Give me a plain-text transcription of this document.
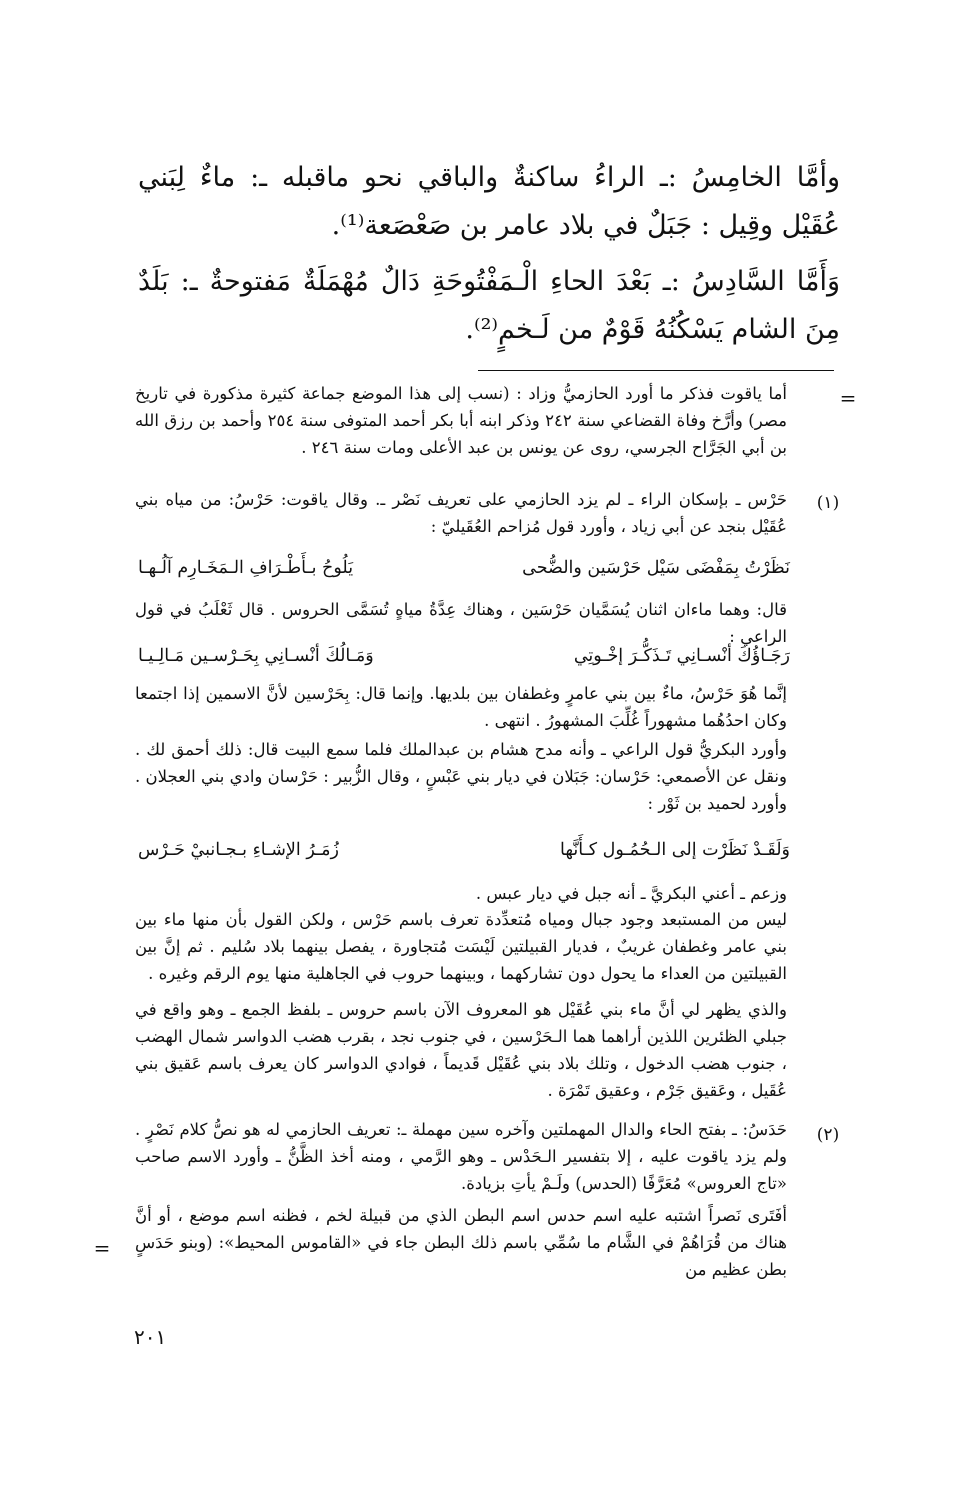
وأمَّا الخامِسُ :ـ الراءُ ساكنةٌ والباقي نحو ماقبله ـ: ماءٌ لِبَني عُقَيْل وقِيل : جَبَلٌ في بلاد عامر بن صَعْصَعة⁽¹⁾.

وَأَمَّا السَّادِسُ :ـ بَعْدَ الحاءِ الْـمَفْتُوحَةِ دَالٌ مُهْمَلَةٌ مَفتوحةٌ ـ: بَلَدٌ مِنَ الشام يَسْكُنُهُ قَوْمٌ من لَـخمٍ⁽²⁾.

=

أما ياقوت فذكر ما أورد الحازميُّ وزاد : (نسب إلى هذا الموضع جماعة كثيرة مذكورة في تاريخ مصر) وأرَّخ وفاة القضاعي سنة ٢٤٢ وذكر ابنه أبا بكر أحمد المتوفى سنة ٢٥٤ وأحمد بن رزق الله بن أبي الجَرَّاح الجرسي، روى عن يونس بن عبد الأعلى ومات سنة ٢٤٦ .

(١)

حَرْس ـ بإسكان الراء ـ لم يزد الحازمي على تعريف نَصْر ـ. وقال ياقوت: حَرْسُ: من مياه بني عُقَيْل بنجد عن أبي زياد ، وأورد قول مُزاحم العُقَيليّ :

نَظَرْتُ بِمَفْضَى سَيْل حَرْسَين والضُّحى
يَلُوحُ بـأَطْـرَافِ الـمَخَـارِم آلُـهـا

قال: وهما ماءان اثنان يُسَمَّيان حَرْسَين ، وهناك عِدَّةُ مياهٍ تُسَمَّى الحروس . قال ثَعْلَبُ في قول الراعي :

رَجَـاؤُكَ أنْسـانِي تَـذَكُّـرَ إخْـوتِي
وَمَـالُكَ أنْسـانِي بِحَـرْسـين مَـالِـيـا

إنَّما هُوَ حَرْسُ، ماءٌ بين بني عامرٍ وغطفان بين بلديها. وإنما قال: بِحَرْسين لأنَّ الاسمين إذا اجتمعا وكان احدُهُما مشهوراً غُلِّبَ المشهورُ . انتهى .

وأورد البكريُّ قول الراعي ـ وأنه مدح هشام بن عبدالملك فلما سمع البيت قال: ذلك أحمق لك . ونقل عن الأصمعي: حَرْسان: جَبَلان في ديار بني عَبْسٍ ، وقال الزُّبير : حَرْسان وادي بني العجلان . وأورد لحميد بن ثَوْر :

وَلَقَـدْ نَظَرْت إلى الـحُمُـول كـأَنَّها
زُمَـرُ الإشـاءِ بـجـانبيْ حَـرْس

وزعم ـ أعني البكريَّ ـ أنه جبل في ديار عبس .

ليس من المستبعد وجود جبال ومياه مُتعدِّدة تعرف باسم حَرْس ، ولكن القول بأن منها ماء بين بني عامر وغطفان غريبٌ ، فديار القبيلتين لَيْسَت مُتجاورة ، يفصل بينهما بلاد سُليم . ثم إنَّ بين القبيلتين من العداء ما يحول دون تشاركهما ، وبينهما حروب في الجاهلية منها يوم الرقم وغيره .

والذي يظهر لي أنَّ ماء بني عُقَيْل هو المعروف الآن باسم حروس ـ بلفظ الجمع ـ وهو واقع في جبلي الظئرين اللذين أراهما هما الـحَرْسين ، في جنوب نجد ، بقرب هضب الدواسر شمال الهضب ، جنوب هضب الدخول ، وتلك بلاد بني عُقَيْل قَديماً ، فوادي الدواسر كان يعرف باسم عَقيق بني عُقَيل ، وعَقيق جَرْم ، وعقيق تَمْرَة .

(٢)

حَدَسُ: ـ بفتح الحاء والدال المهملتين وآخره سين مهملة ـ: تعريف الحازمي له هو نصُّ كلام نَصْرٍ . ولم يزد ياقوت عليه ، إلا بتفسير الـحَدْس ـ وهو الرَّمي ، ومنه أخذ الظَّنُّ ـ وأورد الاسم صاحب «تاج العروس» مُعَرَّفًا (الحدس) ولَـمْ يأتِ بزيادة.

أفَتَرى نَصراً اشتبه عليه اسم حدس اسم البطن الذي من قبيلة لخم ، فظنه اسم موضع ، أو أنَّ هناك من قُرَاهُمْ في الشَّام ما سُمِّي باسم ذلك البطن جاء في «القاموس المحيط»: (وبنو حَدَسٍ بطن عظيم من

=
٢٠١
